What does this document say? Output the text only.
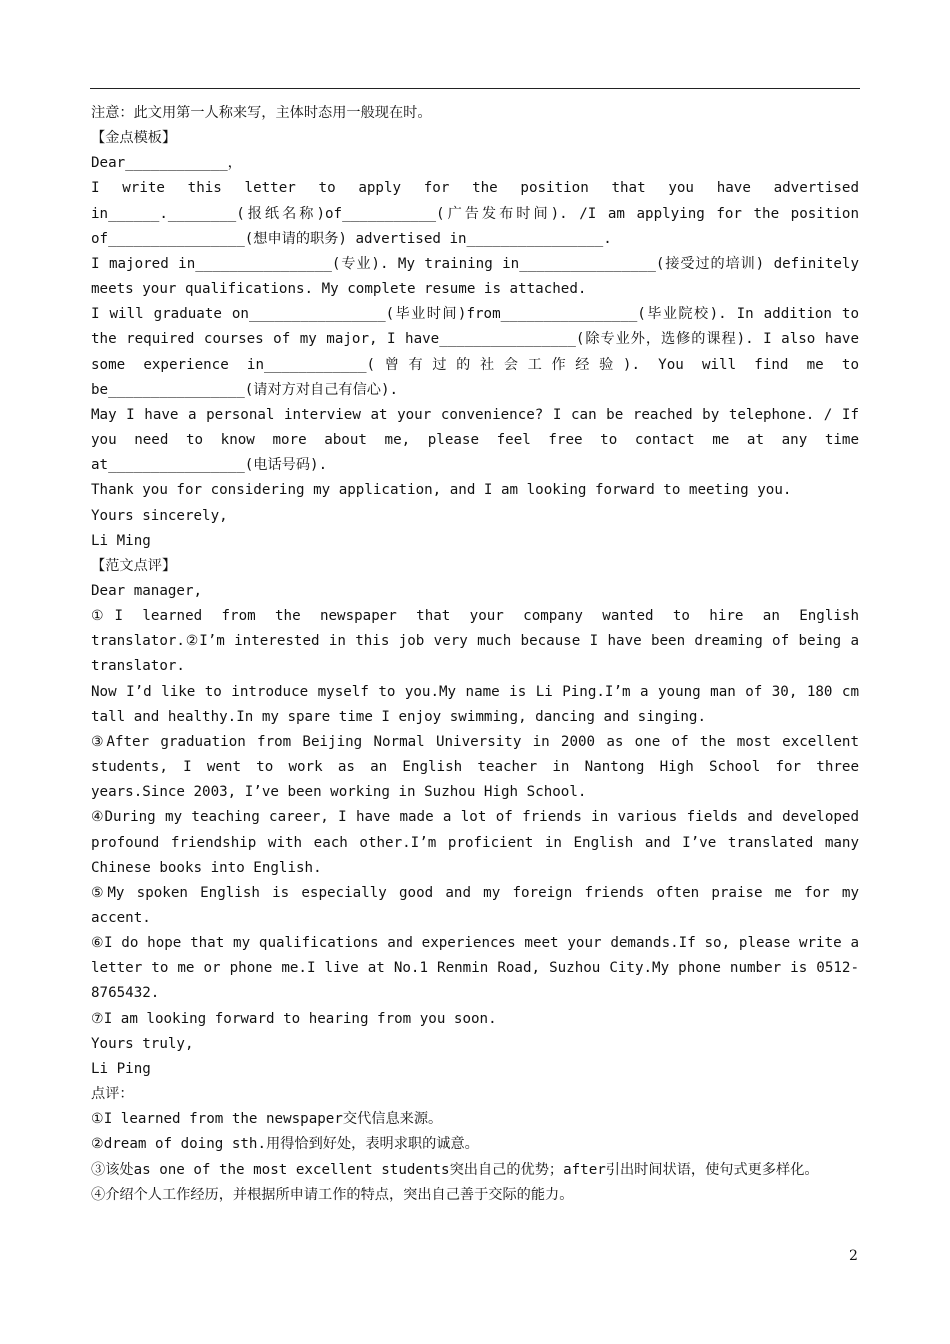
注意：此文用第一人称来写，主体时态用一般现在时。

【金点模板】

Dear____________，

I write this letter to apply for the position that you have advertised in______.________(报纸名称)of___________(广告发布时间). /I am applying for the position of________________(想申请的职务) advertised in________________.

I majored in________________(专业). My training in________________(接受过的培训) definitely meets your qualifications. My complete resume is attached.

I will graduate on________________(毕业时间)from________________(毕业院校). In addition to the required courses of my major, I have________________(除专业外，选修的课程). I also have some experience in____________(曾有过的社会工作经验). You will find me to be________________(请对方对自己有信心).

May I have a personal interview at your convenience? I can be reached by telephone. / If you need to know more about me, please feel free to contact me at any time at________________(电话号码).

Thank you for considering my application, and I am looking forward to meeting you.

Yours sincerely,

Li Ming

【范文点评】

Dear manager,

①I learned from the newspaper that your company wanted to hire an English translator.②I’m interested in this job very much because I have been dreaming of being a translator.

Now I’d like to introduce myself to you.My name is Li Ping.I’m a young man of 30, 180 cm tall and healthy.In my spare time I enjoy swimming, dancing and singing.

③After graduation from Beijing Normal University in 2000 as one of the most excellent students, I went to work as an English teacher in Nantong High School for three years.Since 2003, I’ve been working in Suzhou High School.

④During my teaching career, I have made a lot of friends in various fields and developed profound friendship with each other.I’m proficient in English and I’ve translated many Chinese books into English.

⑤My spoken English is especially good and my foreign friends often praise me for my accent.

⑥I do hope that my qualifications and experiences meet your demands.If so, please write a letter to me or phone me.I live at No.1 Renmin Road, Suzhou City.My phone number is 0512-8765432.

⑦I am looking forward to hearing from you soon.

Yours truly,

Li Ping

点评：

①I learned from the newspaper交代信息来源。

②dream of doing sth.用得恰到好处，表明求职的诚意。

③该处as one of the most excellent students突出自己的优势；after引出时间状语，使句式更多样化。

④介绍个人工作经历，并根据所申请工作的特点，突出自己善于交际的能力。

2
